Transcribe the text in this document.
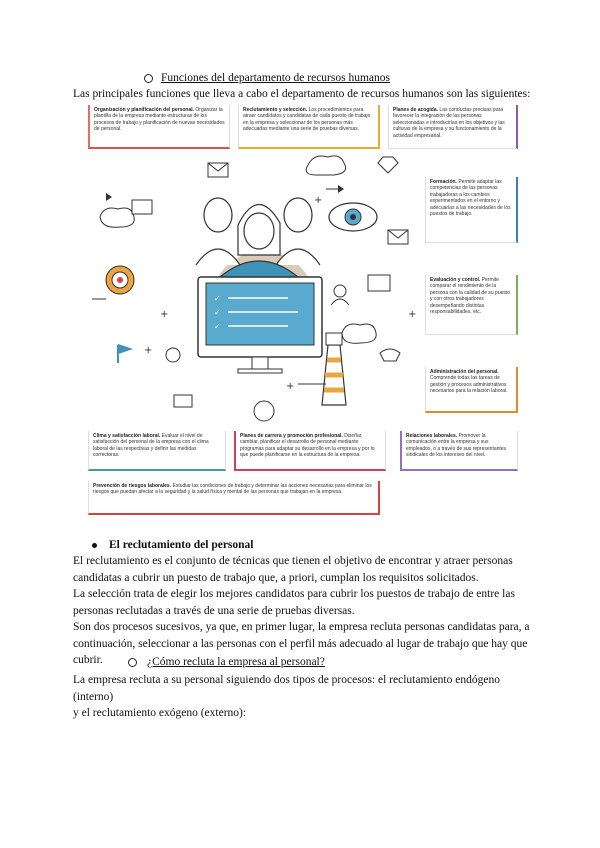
Funciones del departamento de recursos humanos
Las principales funciones que lleva a cabo el departamento de recursos humanos son las siguientes:
✓
✓
✓
+
+
+
+
+
Organización y planificación del personal. Organizar la plantilla de la empresa mediante estructuras de los procesos de trabajo y planificación de nuevas necesidades de personal.
Reclutamiento y selección. Los procedimientos para atraer candidatos y candidatas de cada puesto de trabajo en la empresa y seleccionar de los personas más adecuadas mediante una serie de pruebas diversas.
Planes de acogida. Las conductas precisas para favorecer la integración de las personas seleccionadas e introducirlas en los objetivos y las culturas de la empresa y su funcionamiento de la actividad empresarial.
Formación. Permite adaptar las competencias de las personas trabajadoras a los cambios experimentados en el entorno y adecuarlas a las necesidades de los puestos de trabajo.
Evaluación y control. Permite comparar el rendimiento de la persona con la calidad de su puesto y con otros trabajadores desempeñando distintas responsabilidades, etc.
Administración del personal. Comprende todas las tareas de gestión y procesos administrativos necesarios para la relación laboral.
Clima y satisfacción laboral. Evaluar el nivel de satisfacción del personal de la empresa con el clima laboral de las respectivas y definir las medidas correctoras.
Planes de carrera y promoción profesional. Diseñar, cambiar, planificar el desarrollo de personal mediante programas para adaptar su desarrollo en la empresa y por lo que puede planificarse en la estructura de la empresa.
Relaciones laborales. Promover la comunicación entre la empresa y sus empleados, o a través de sus representantes sindicales de los intereses del nivel.
Prevención de riesgos laborales. Estudiar las condiciones de trabajo y determinar las acciones necesarias para eliminar los riesgos que puedan afectar a la seguridad y la salud física y mental de las personas que trabajan en la empresa.
El reclutamiento del personal
El reclutamiento es el conjunto de técnicas que tienen el objetivo de encontrar y atraer personas
candidatas a cubrir un puesto de trabajo que, a priori, cumplan los requisitos solicitados.
La selección trata de elegir los mejores candidatos para cubrir los puestos de trabajo de entre las
personas reclutadas a través de una serie de pruebas diversas.
Son dos procesos sucesivos, ya que, en primer lugar, la empresa recluta personas candidatas para, a
continuación, seleccionar a las personas con el perfil más adecuado al lugar de trabajo que hay que
cubrir.	¿Cómo recluta la empresa al personal?
La empresa recluta a su personal siguiendo dos tipos de procesos: el reclutamiento endógeno (interno)
y el reclutamiento exógeno (externo):
